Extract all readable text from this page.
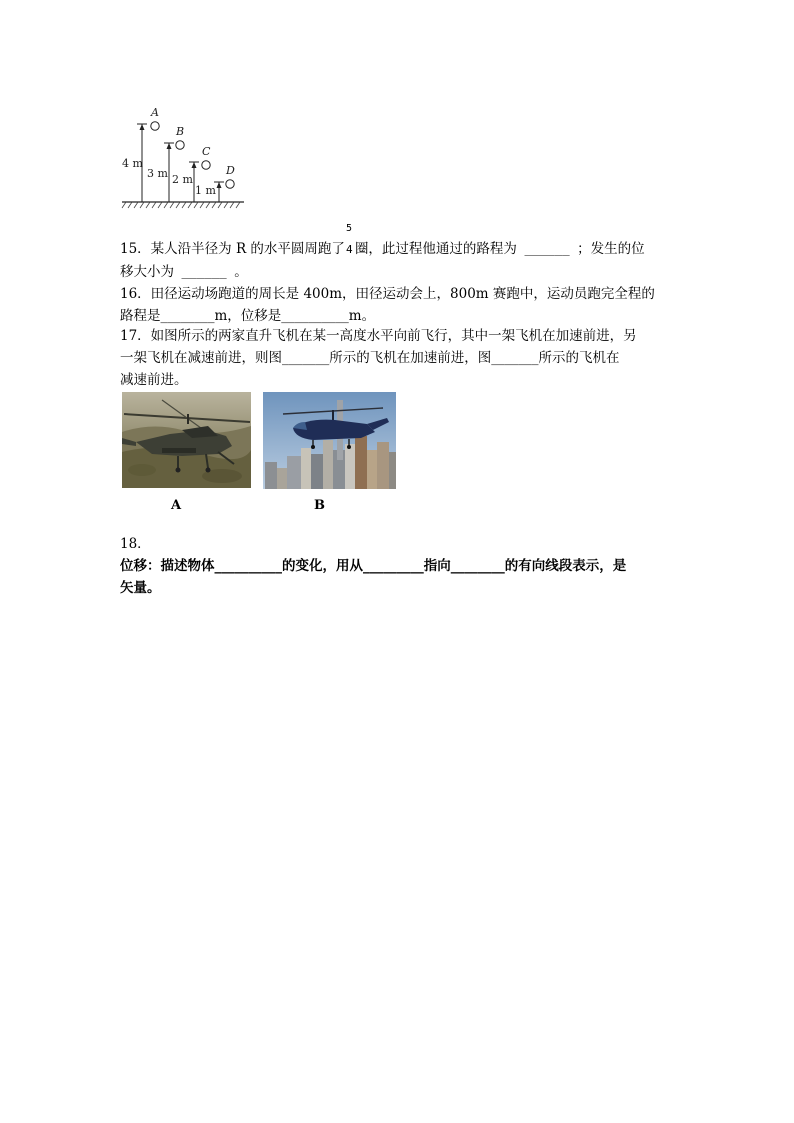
A
B
C
D
4 m
3 m 2 m
1 m
15．某人沿半径为 R 的水平圆周跑了
5
4 圈，此过程他通过的路程为 ______ ；发生的位
移大小为 ______ 。
16．田径运动场跑道的周长是 400m，田径运动会上，800m 赛跑中，运动员跑完全程的
路程是________m，位移是__________m。
17．如图所示的两家直升飞机在某一高度水平向前飞行，其中一架飞机在加速前进，另
一架飞机在减速前进，则图_______所示的飞机在加速前进，图_______所示的飞机在
减速前进。
A	B
18．
位移：描述物体__________的变化，用从_________指向________的有向线段表示，是
矢量。
